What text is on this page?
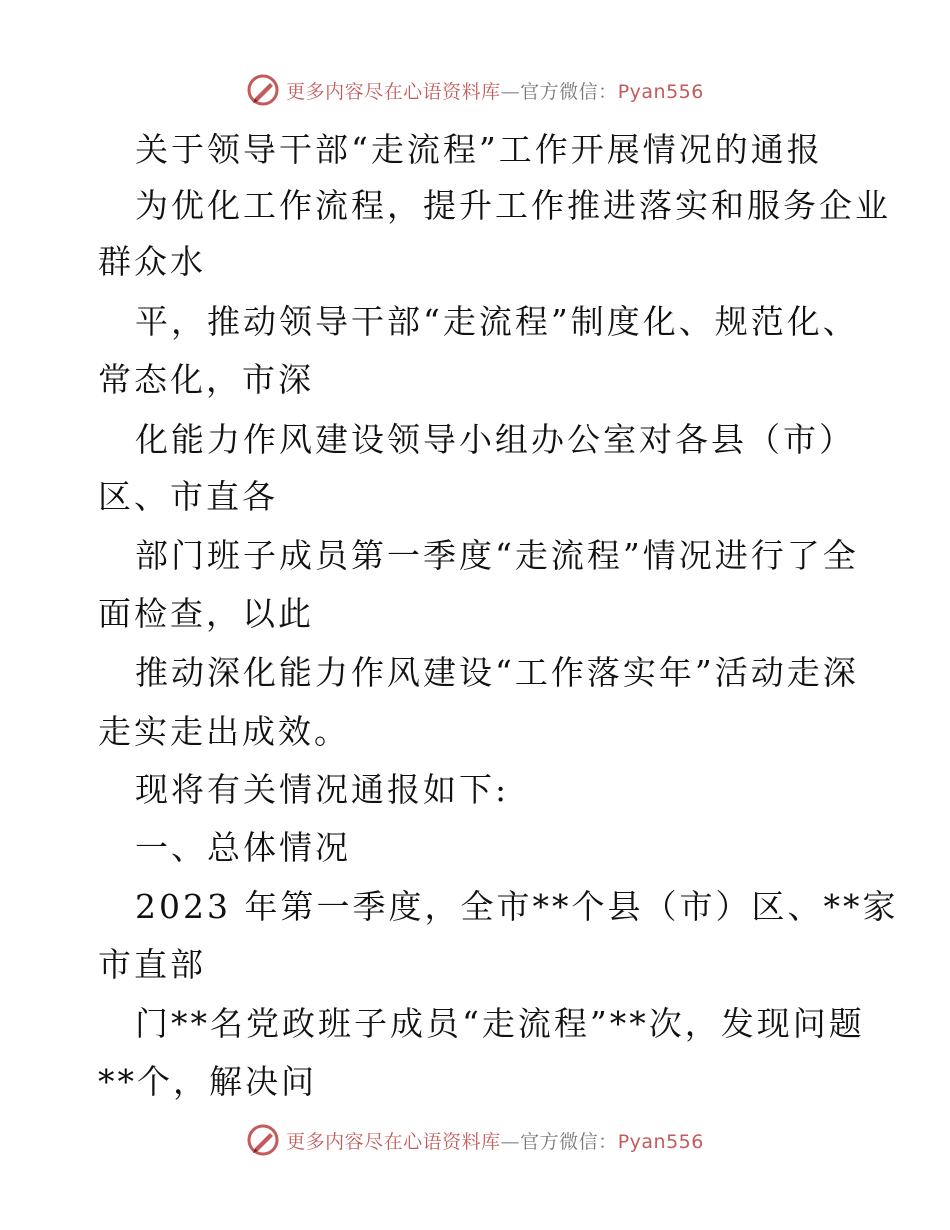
更多内容尽在心语资料库—官方微信：Pyan556
关于领导干部“走流程”工作开展情况的通报
为优化工作流程，提升工作推进落实和服务企业
群众水
平，推动领导干部“走流程”制度化、规范化、
常态化，市深
化能力作风建设领导小组办公室对各县（市）
区、市直各
部门班子成员第一季度“走流程”情况进行了全
面检查，以此
推动深化能力作风建设“工作落实年”活动走深
走实走出成效。
现将有关情况通报如下:
一、总体情况
2023 年第一季度，全市**个县（市）区、**家
市直部
门**名党政班子成员“走流程”**次，发现问题
**个，解决问
更多内容尽在心语资料库—官方微信：Pyan556
